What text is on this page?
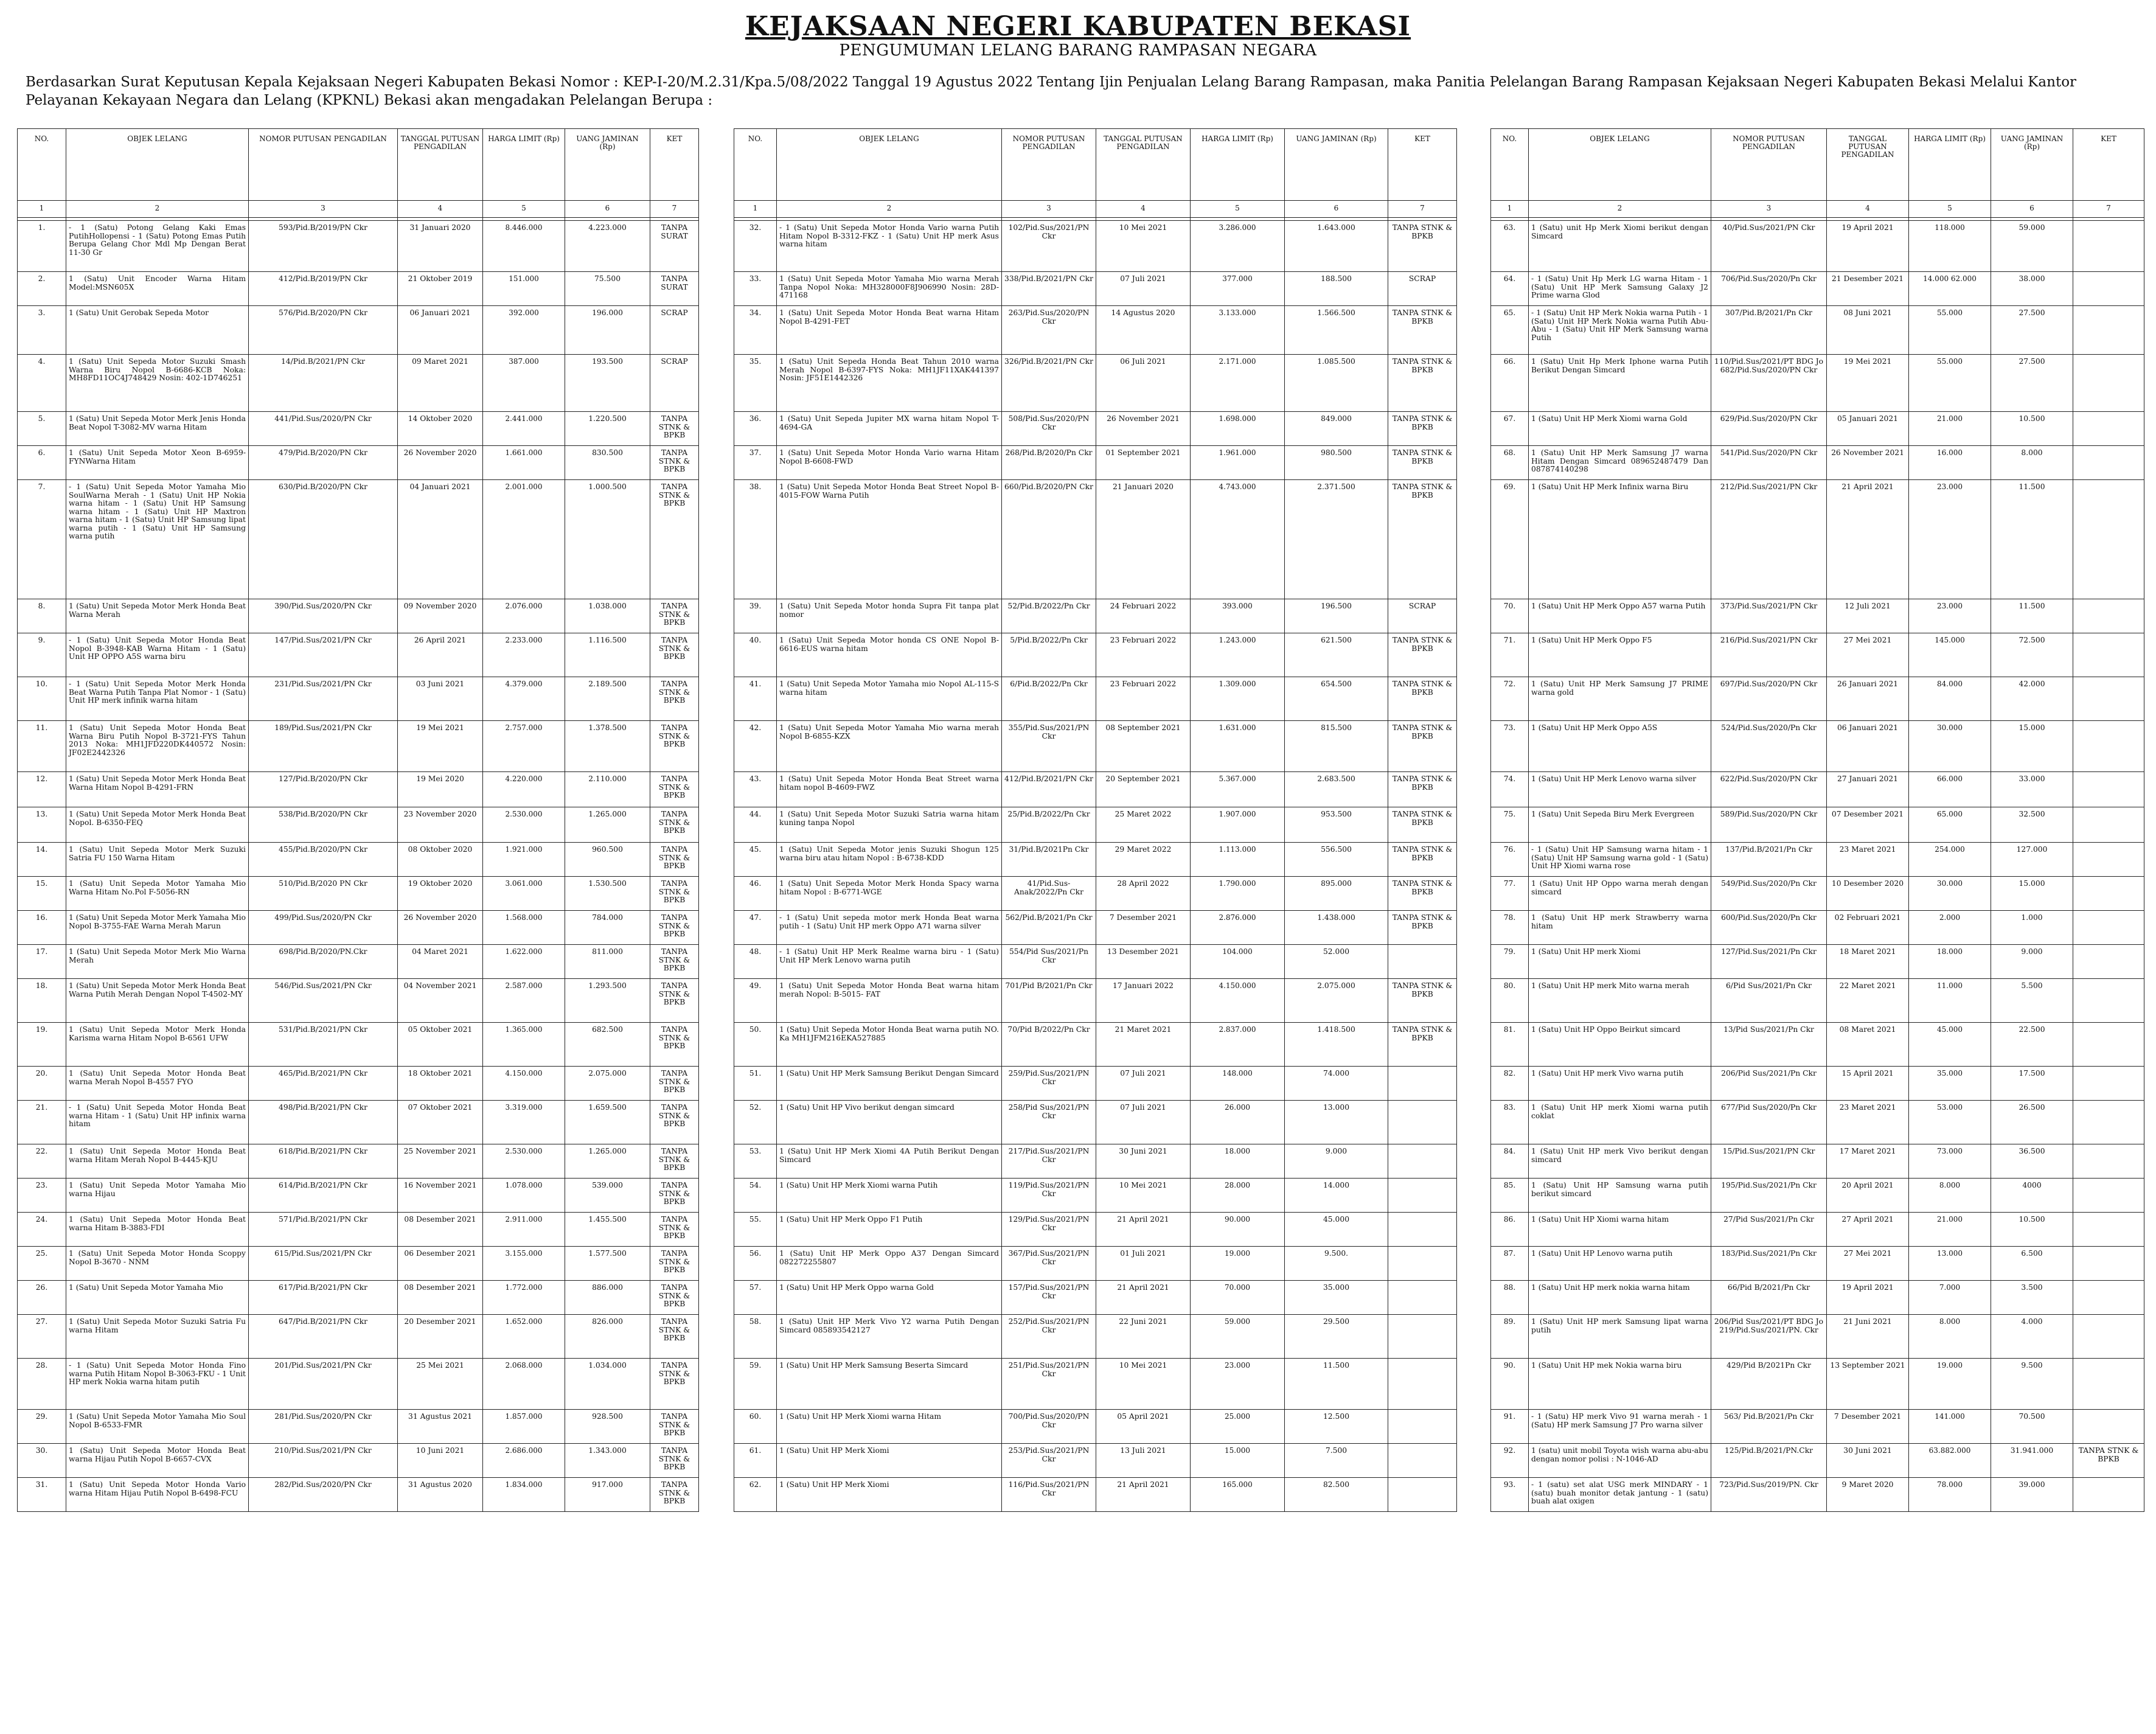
KEJAKSAAN NEGERI KABUPATEN BEKASI
PENGUMUMAN LELANG BARANG RAMPASAN NEGARA
Berdasarkan Surat Keputusan Kepala Kejaksaan Negeri Kabupaten Bekasi Nomor : KEP-I-20/M.2.31/Kpa.5/08/2022 Tanggal 19 Agustus 2022 Tentang Ijin Penjualan Lelang Barang Rampasan, maka Panitia Pelelangan Barang Rampasan Kejaksaan Negeri Kabupaten Bekasi Melalui Kantor Pelayanan Kekayaan Negara dan Lelang (KPKNL) Bekasi akan mengadakan Pelelangan Berupa :
NO.	OBJEK LELANG	NOMOR PUTUSAN PENGADILAN	TANGGAL PUTUSAN PENGADILAN	HARGA LIMIT (Rp)	UANG JAMINAN (Rp)	KET
1	2	3	4	5	6	7

1.	- 1 (Satu) Potong Gelang Kaki Emas PutihHollopensi - 1 (Satu) Potong Emas Putih Berupa Gelang Chor Mdl Mp Dengan Berat 11-30 Gr	593/Pid.B/2019/PN Ckr	31 Januari 2020	8.446.000	4.223.000	TANPA SURAT
2.	1 (Satu) Unit Encoder Warna Hitam Model:MSN605X	412/Pid.B/2019/PN Ckr	21 Oktober 2019	151.000	75.500	TANPA SURAT
3.	1 (Satu) Unit Gerobak Sepeda Motor	576/Pid.B/2020/PN Ckr	06 Januari 2021	392.000	196.000	SCRAP
4.	1 (Satu) Unit Sepeda Motor Suzuki Smash Warna Biru Nopol B-6686-KCB Noka: MH8FD11OC4J748429 Nosin: 402-1D746251	14/Pid.B/2021/PN Ckr	09 Maret 2021	387.000	193.500	SCRAP
5.	1 (Satu) Unit Sepeda Motor Merk Jenis Honda Beat Nopol T-3082-MV warna Hitam	441/Pid.Sus/2020/PN Ckr	14 Oktober 2020	2.441.000	1.220.500	TANPA STNK & BPKB
6.	1 (Satu) Unit Sepeda Motor Xeon B-6959-FYNWarna Hitam	479/Pid.B/2020/PN Ckr	26 November 2020	1.661.000	830.500	TANPA STNK & BPKB
7.	- 1 (Satu) Unit Sepeda Motor Yamaha Mio SoulWarna Merah - 1 (Satu) Unit HP Nokia warna hitam - 1 (Satu) Unit HP Samsung warna hitam - 1 (Satu) Unit HP Maxtron warna hitam - 1 (Satu) Unit HP Samsung lipat warna putih - 1 (Satu) Unit HP Samsung warna putih	630/Pid.B/2020/PN Ckr	04 Januari 2021	2.001.000	1.000.500	TANPA STNK & BPKB
8.	1 (Satu) Unit Sepeda Motor Merk Honda Beat Warna Merah	390/Pid.Sus/2020/PN Ckr	09 November 2020	2.076.000	1.038.000	TANPA STNK & BPKB
9.	- 1 (Satu) Unit Sepeda Motor Honda Beat Nopol B-3948-KAB Warna Hitam - 1 (Satu) Unit HP OPPO A5S warna biru	147/Pid.Sus/2021/PN Ckr	26 April 2021	2.233.000	1.116.500	TANPA STNK & BPKB
10.	- 1 (Satu) Unit Sepeda Motor Merk Honda Beat Warna Putih Tanpa Plat Nomor - 1 (Satu) Unit HP merk infinik warna hitam	231/Pid.Sus/2021/PN Ckr	03 Juni 2021	4.379.000	2.189.500	TANPA STNK & BPKB
11.	1 (Satu) Unit Sepeda Motor Honda Beat Warna Biru Putih Nopol B-3721-FYS Tahun 2013 Noka: MH1JFD220DK440572 Nosin: JF02E2442326	189/Pid.Sus/2021/PN Ckr	19 Mei 2021	2.757.000	1.378.500	TANPA STNK & BPKB
12.	1 (Satu) Unit Sepeda Motor Merk Honda Beat Warna Hitam Nopol B-4291-FRN	127/Pid.B/2020/PN Ckr	19 Mei 2020	4.220.000	2.110.000	TANPA STNK & BPKB
13.	1 (Satu) Unit Sepeda Motor Merk Honda Beat Nopol. B-6350-FEQ	538/Pid.B/2020/PN Ckr	23 November 2020	2.530.000	1.265.000	TANPA STNK & BPKB
14.	1 (Satu) Unit Sepeda Motor Merk Suzuki Satria FU 150 Warna Hitam	455/Pid.B/2020/PN Ckr	08 Oktober 2020	1.921.000	960.500	TANPA STNK & BPKB
15.	1 (Satu) Unit Sepeda Motor Yamaha Mio Warna Hitam No.Pol F-5056-RN	510/Pid.B/2020 PN Ckr	19 Oktober 2020	3.061.000	1.530.500	TANPA STNK & BPKB
16.	1 (Satu) Unit Sepeda Motor Merk Yamaha Mio Nopol B-3755-FAE Warna Merah Marun	499/Pid.Sus/2020/PN Ckr	26 November 2020	1.568.000	784.000	TANPA STNK & BPKB
17.	1 (Satu) Unit Sepeda Motor Merk Mio Warna Merah	698/Pid.B/2020/PN.Ckr	04 Maret 2021	1.622.000	811.000	TANPA STNK & BPKB
18.	1 (Satu) Unit Sepeda Motor Merk Honda Beat Warna Putih Merah Dengan Nopol T-4502-MY	546/Pid.Sus/2021/PN Ckr	04 November 2021	2.587.000	1.293.500	TANPA STNK & BPKB
19.	1 (Satu) Unit Sepeda Motor Merk Honda Karisma warna Hitam Nopol B-6561 UFW	531/Pid.B/2021/PN Ckr	05 Oktober 2021	1.365.000	682.500	TANPA STNK & BPKB
20.	1 (Satu) Unit Sepeda Motor Honda Beat warna Merah Nopol B-4557 FYO	465/Pid.B/2021/PN Ckr	18 Oktober 2021	4.150.000	2.075.000	TANPA STNK & BPKB
21.	- 1 (Satu) Unit Sepeda Motor Honda Beat warna Hitam - 1 (Satu) Unit HP infinix warna hitam	498/Pid.B/2021/PN Ckr	07 Oktober 2021	3.319.000	1.659.500	TANPA STNK & BPKB
22.	1 (Satu) Unit Sepeda Motor Honda Beat warna Hitam Merah Nopol B-4445-KJU	618/Pid.B/2021/PN Ckr	25 November 2021	2.530.000	1.265.000	TANPA STNK & BPKB
23.	1 (Satu) Unit Sepeda Motor Yamaha Mio warna Hijau	614/Pid.B/2021/PN Ckr	16 November 2021	1.078.000	539.000	TANPA STNK & BPKB
24.	1 (Satu) Unit Sepeda Motor Honda Beat warna Hitam B-3883-FDI	571/Pid.B/2021/PN Ckr	08 Desember 2021	2.911.000	1.455.500	TANPA STNK & BPKB
25.	1 (Satu) Unit Sepeda Motor Honda Scoppy Nopol B-3670 - NNM	615/Pid.Sus/2021/PN Ckr	06 Desember 2021	3.155.000	1.577.500	TANPA STNK & BPKB
26.	1 (Satu) Unit Sepeda Motor Yamaha Mio	617/Pid.B/2021/PN Ckr	08 Desember 2021	1.772.000	886.000	TANPA STNK & BPKB
27.	1 (Satu) Unit Sepeda Motor Suzuki Satria Fu warna Hitam	647/Pid.B/2021/PN Ckr	20 Desember 2021	1.652.000	826.000	TANPA STNK & BPKB
28.	- 1 (Satu) Unit Sepeda Motor Honda Fino warna Putih Hitam Nopol B-3063-FKU - 1 Unit HP merk Nokia warna hitam putih	201/Pid.Sus/2021/PN Ckr	25 Mei 2021	2.068.000	1.034.000	TANPA STNK & BPKB
29.	1 (Satu) Unit Sepeda Motor Yamaha Mio Soul Nopol B-6533-FMR	281/Pid.Sus/2020/PN Ckr	31 Agustus 2021	1.857.000	928.500	TANPA STNK & BPKB
30.	1 (Satu) Unit Sepeda Motor Honda Beat warna Hijau Putih Nopol B-6657-CVX	210/Pid.Sus/2021/PN Ckr	10 Juni 2021	2.686.000	1.343.000	TANPA STNK & BPKB
31.	1 (Satu) Unit Sepeda Motor Honda Vario warna Hitam Hijau Putih Nopol B-6498-FCU	282/Pid.Sus/2020/PN Ckr	31 Agustus 2020	1.834.000	917.000	TANPA STNK & BPKB
NO.	OBJEK LELANG	NOMOR PUTUSAN PENGADILAN	TANGGAL PUTUSAN PENGADILAN	HARGA LIMIT (Rp)	UANG JAMINAN (Rp)	KET
1	2	3	4	5	6	7

32.	- 1 (Satu) Unit Sepeda Motor Honda Vario warna Putih Hitam Nopol B-3312-FKZ - 1 (Satu) Unit HP merk Asus warna hitam	102/Pid.Sus/2021/PN Ckr	10 Mei 2021	3.286.000	1.643.000	TANPA STNK & BPKB
33.	1 (Satu) Unit Sepeda Motor Yamaha Mio warna Merah Tanpa Nopol Noka: MH328000F8J906990 Nosin: 28D-471168	338/Pid.B/2021/PN Ckr	07 Juli 2021	377.000	188.500	SCRAP
34.	1 (Satu) Unit Sepeda Motor Honda Beat warna Hitam Nopol B-4291-FET	263/Pid.Sus/2020/PN Ckr	14 Agustus 2020	3.133.000	1.566.500	TANPA STNK & BPKB
35.	1 (Satu) Unit Sepeda Honda Beat Tahun 2010 warna Merah Nopol B-6397-FYS Noka: MH1JF11XAK441397 Nosin: JF51E1442326	326/Pid.B/2021/PN Ckr	06 Juli 2021	2.171.000	1.085.500	TANPA STNK & BPKB
36.	1 (Satu) Unit Sepeda Jupiter MX warna hitam Nopol T-4694-GA	508/Pid.Sus/2020/PN Ckr	26 November 2021	1.698.000	849.000	TANPA STNK & BPKB
37.	1 (Satu) Unit Sepeda Motor Honda Vario warna Hitam Nopol B-6608-FWD	268/Pid.B/2020/Pn Ckr	01 September 2021	1.961.000	980.500	TANPA STNK & BPKB
38.	1 (Satu) Unit Sepeda Motor Honda Beat Street Nopol B-4015-FOW Warna Putih	660/Pid.B/2020/PN Ckr	21 Januari 2020	4.743.000	2.371.500	TANPA STNK & BPKB
39.	1 (Satu) Unit Sepeda Motor honda Supra Fit tanpa plat nomor	52/Pid.B/2022/Pn Ckr	24 Februari 2022	393.000	196.500	SCRAP
40.	1 (Satu) Unit Sepeda Motor honda CS ONE Nopol B-6616-EUS warna hitam	5/Pid.B/2022/Pn Ckr	23 Februari 2022	1.243.000	621.500	TANPA STNK & BPKB
41.	1 (Satu) Unit Sepeda Motor Yamaha mio Nopol AL-115-S warna hitam	6/Pid.B/2022/Pn Ckr	23 Februari 2022	1.309.000	654.500	TANPA STNK & BPKB
42.	1 (Satu) Unit Sepeda Motor Yamaha Mio warna merah Nopol B-6855-KZX	355/Pid.Sus/2021/PN Ckr	08 September 2021	1.631.000	815.500	TANPA STNK & BPKB
43.	1 (Satu) Unit Sepeda Motor Honda Beat Street warna hitam nopol B-4609-FWZ	412/Pid.B/2021/PN Ckr	20 September 2021	5.367.000	2.683.500	TANPA STNK & BPKB
44.	1 (Satu) Unit Sepeda Motor Suzuki Satria warna hitam kuning tanpa Nopol	25/Pid.B/2022/Pn Ckr	25 Maret 2022	1.907.000	953.500	TANPA STNK & BPKB
45.	1 (Satu) Unit Sepeda Motor jenis Suzuki Shogun 125 warna biru atau hitam Nopol : B-6738-KDD	31/Pid.B/2021Pn Ckr	29 Maret 2022	1.113.000	556.500	TANPA STNK & BPKB
46.	1 (Satu) Unit Sepeda Motor Merk Honda Spacy warna hitam Nopol : B-6771-WGE	41/Pid.Sus-Anak/2022/Pn Ckr	28 April 2022	1.790.000	895.000	TANPA STNK & BPKB
47.	- 1 (Satu) Unit sepeda motor merk Honda Beat warna putih - 1 (Satu) Unit HP merk Oppo A71 warna silver	562/Pid.B/2021/Pn Ckr	7 Desember 2021	2.876.000	1.438.000	TANPA STNK & BPKB
48.	- 1 (Satu) Unit HP Merk Realme warna biru - 1 (Satu) Unit HP Merk Lenovo warna putih	554/Pid Sus/2021/Pn Ckr	13 Desember 2021	104.000	52.000	
49.	1 (Satu) Unit Sepeda Motor Honda Beat warna hitam merah Nopol: B-5015- FAT	701/Pid B/2021/Pn Ckr	17 Januari 2022	4.150.000	2.075.000	TANPA STNK & BPKB
50.	1 (Satu) Unit Sepeda Motor Honda Beat warna putih NO. Ka MH1JFM216EKA527885	70/Pid B/2022/Pn Ckr	21 Maret 2021	2.837.000	1.418.500	TANPA STNK & BPKB
51.	1 (Satu) Unit HP Merk Samsung Berikut Dengan Simcard	259/Pid.Sus/2021/PN Ckr	07 Juli 2021	148.000	74.000	
52.	1 (Satu) Unit HP Vivo berikut dengan simcard	258/Pid Sus/2021/PN Ckr	07 Juli 2021	26.000	13.000	
53.	1 (Satu) Unit HP Merk Xiomi 4A Putih Berikut Dengan Simcard	217/Pid.Sus/2021/PN Ckr	30 Juni 2021	18.000	9.000	
54.	1 (Satu) Unit HP Merk Xiomi warna Putih	119/Pid.Sus/2021/PN Ckr	10 Mei 2021	28.000	14.000	
55.	1 (Satu) Unit HP Merk Oppo F1 Putih	129/Pid.Sus/2021/PN Ckr	21 April 2021	90.000	45.000	
56.	1 (Satu) Unit HP Merk Oppo A37 Dengan Simcard 082272255807	367/Pid.Sus/2021/PN Ckr	01 Juli 2021	19.000	9.500.	
57.	1 (Satu) Unit HP Merk Oppo warna Gold	157/Pid.Sus/2021/PN Ckr	21 April 2021	70.000	35.000	
58.	1 (Satu) Unit HP Merk Vivo Y2 warna Putih Dengan Simcard 085893542127	252/Pid.Sus/2021/PN Ckr	22 Juni 2021	59.000	29.500	
59.	1 (Satu) Unit HP Merk Samsung Beserta Simcard	251/Pid.Sus/2021/PN Ckr	10 Mei 2021	23.000	11.500	
60.	1 (Satu) Unit HP Merk Xiomi warna Hitam	700/Pid.Sus/2020/PN Ckr	05 April 2021	25.000	12.500	
61.	1 (Satu) Unit HP Merk Xiomi	253/Pid.Sus/2021/PN Ckr	13 Juli 2021	15.000	7.500	
62.	1 (Satu) Unit HP Merk Xiomi	116/Pid.Sus/2021/PN Ckr	21 April 2021	165.000	82.500	
NO.	OBJEK LELANG	NOMOR PUTUSAN PENGADILAN	TANGGAL PUTUSAN PENGADILAN	HARGA LIMIT (Rp)	UANG JAMINAN (Rp)	KET
1	2	3	4	5	6	7

63.	1 (Satu) unit Hp Merk Xiomi berikut dengan Simcard	40/Pid.Sus/2021/PN Ckr	19 April 2021	118.000	59.000	
64.	- 1 (Satu) Unit Hp Merk LG warna Hitam - 1 (Satu) Unit HP Merk Samsung Galaxy J2 Prime warna Glod	706/Pid.Sus/2020/Pn Ckr	21 Desember 2021	14.000 62.000	38.000	
65.	- 1 (Satu) Unit HP Merk Nokia warna Putih - 1 (Satu) Unit HP Merk Nokia warna Putih Abu-Abu - 1 (Satu) Unit HP Merk Samsung warna Putih	307/Pid.B/2021/Pn Ckr	08 Juni 2021	55.000	27.500	
66.	1 (Satu) Unit Hp Merk Iphone warna Putih Berikut Dengan Simcard	110/Pid.Sus/2021/PT BDG Jo 682/Pid.Sus/2020/PN Ckr	19 Mei 2021	55.000	27.500	
67.	1 (Satu) Unit HP Merk Xiomi warna Gold	629/Pid.Sus/2020/PN Ckr	05 Januari 2021	21.000	10.500	
68.	1 (Satu) Unit HP Merk Samsung J7 warna Hitam Dengan Simcard 089652487479 Dan 087874140298	541/Pid.Sus/2020/PN Ckr	26 November 2021	16.000	8.000	
69.	1 (Satu) Unit HP Merk Infinix warna Biru	212/Pid.Sus/2021/PN Ckr	21 April 2021	23.000	11.500	
70.	1 (Satu) Unit HP Merk Oppo A57 warna Putih	373/Pid.Sus/2021/PN Ckr	12 Juli 2021	23.000	11.500	
71.	1 (Satu) Unit HP Merk Oppo F5	216/Pid.Sus/2021/PN Ckr	27 Mei 2021	145.000	72.500	
72.	1 (Satu) Unit HP Merk Samsung J7 PRIME warna gold	697/Pid.Sus/2020/PN Ckr	26 Januari 2021	84.000	42.000	
73.	1 (Satu) Unit HP Merk Oppo A5S	524/Pid.Sus/2020/Pn Ckr	06 Januari 2021	30.000	15.000	
74.	1 (Satu) Unit HP Merk Lenovo warna silver	622/Pid.Sus/2020/PN Ckr	27 Januari 2021	66.000	33.000	
75.	1 (Satu) Unit Sepeda Biru Merk Evergreen	589/Pid.Sus/2020/PN Ckr	07 Desember 2021	65.000	32.500	
76.	- 1 (Satu) Unit HP Samsung warna hitam - 1 (Satu) Unit HP Samsung warna gold - 1 (Satu) Unit HP Xiomi warna rose	137/Pid.B/2021/Pn Ckr	23 Maret 2021	254.000	127.000	
77.	1 (Satu) Unit HP Oppo warna merah dengan simcard	549/Pid.Sus/2020/Pn Ckr	10 Desember 2020	30.000	15.000	
78.	1 (Satu) Unit HP merk Strawberry warna hitam	600/Pid.Sus/2020/Pn Ckr	02 Februari 2021	2.000	1.000	
79.	1 (Satu) Unit HP merk Xiomi	127/Pid.Sus/2021/Pn Ckr	18 Maret 2021	18.000	9.000	
80.	1 (Satu) Unit HP merk Mito warna merah	6/Pid Sus/2021/Pn Ckr	22 Maret 2021	11.000	5.500	
81.	1 (Satu) Unit HP Oppo Beirkut simcard	13/Pid Sus/2021/Pn Ckr	08 Maret 2021	45.000	22.500	
82.	1 (Satu) Unit HP merk Vivo warna putih	206/Pid Sus/2021/Pn Ckr	15 April 2021	35.000	17.500	
83.	1 (Satu) Unit HP merk Xiomi warna putih coklat	677/Pid Sus/2020/Pn Ckr	23 Maret 2021	53.000	26.500	
84.	1 (Satu) Unit HP merk Vivo berikut dengan simcard	15/Pid.Sus/2021/PN Ckr	17 Maret 2021	73.000	36.500	
85.	1 (Satu) Unit HP Samsung warna putih berikut simcard	195/Pid.Sus/2021/Pn Ckr	20 April 2021	8.000	4000	
86.	1 (Satu) Unit HP Xiomi warna hitam	27/Pid Sus/2021/Pn Ckr	27 April 2021	21.000	10.500	
87.	1 (Satu) Unit HP Lenovo warna putih	183/Pid.Sus/2021/Pn Ckr	27 Mei 2021	13.000	6.500	
88.	1 (Satu) Unit HP merk nokia warna hitam	66/Pid B/2021/Pn Ckr	19 April 2021	7.000	3.500	
89.	1 (Satu) Unit HP merk Samsung lipat warna putih	206/Pid Sus/2021/PT BDG Jo 219/Pid.Sus/2021/PN. Ckr	21 Juni 2021	8.000	4.000	
90.	1 (Satu) Unit HP mek Nokia warna biru	429/Pid B/2021Pn Ckr	13 September 2021	19.000	9.500	
91.	- 1 (Satu) HP merk Vivo 91 warna merah - 1 (Satu) HP merk Samsung J7 Pro warna silver	563/ Pid.B/2021/Pn Ckr	7 Desember 2021	141.000	70.500	
92.	1 (satu) unit mobil Toyota wish warna abu-abu dengan nomor polisi : N-1046-AD	125/Pid.B/2021/PN.Ckr	30 Juni 2021	63.882.000	31.941.000	TANPA STNK & BPKB
93.	- 1 (satu) set alat USG merk MINDARY - 1 (satu) buah monitor detak jantung - 1 (satu) buah alat oxigen	723/Pid.Sus/2019/PN. Ckr	9 Maret 2020	78.000	39.000	
